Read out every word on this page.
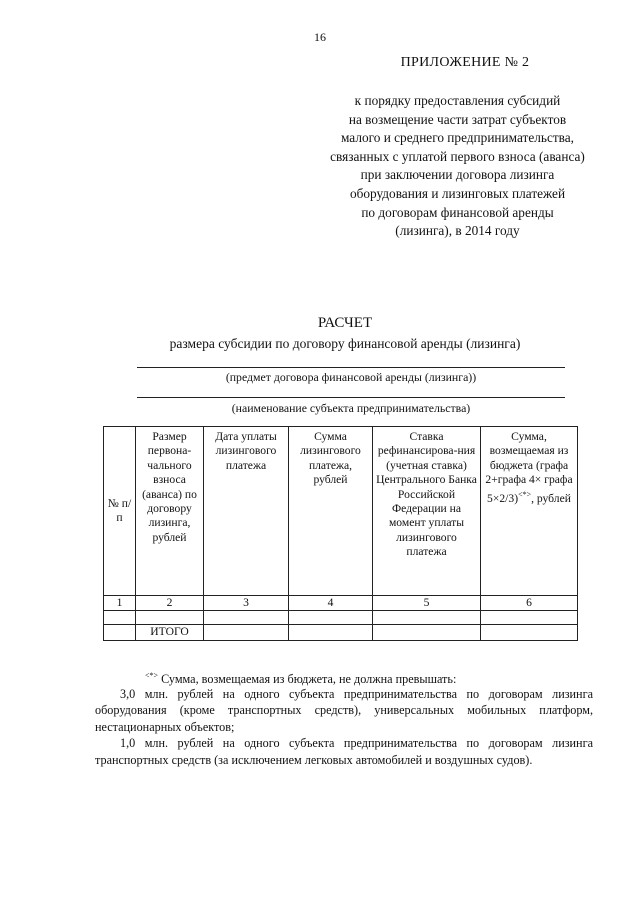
16
ПРИЛОЖЕНИЕ № 2
к порядку предоставления субсидий
на возмещение части затрат субъектов
малого и среднего предпринимательства,
связанных с уплатой первого взноса (аванса)
при заключении договора лизинга
оборудования и лизинговых платежей
по договорам финансовой аренды
(лизинга), в 2014 году
РАСЧЕТ
размера субсидии по договору финансовой аренды (лизинга)
(предмет договора финансовой аренды (лизинга))
(наименование субъекта предпринимательства)
№ п/п	Размер первона-чального взноса (аванса) по договору лизинга, рублей	Дата уплаты лизингового платежа	Сумма лизингового платежа, рублей	Ставка рефинансирова-ния (учетная ставка) Центрального Банка Российской Федерации на момент уплаты лизингового платежа	Сумма, возмещаемая из бюджета (графа 2+графа 4× графа 5×2/3)<*>, рублей
1	2	3	4	5	6

	ИТОГО				

<*> Сумма, возмещаемая из бюджета, не должна превышать:

3,0 млн. рублей на одного субъекта предпринимательства по договорам лизинга оборудования (кроме транспортных средств), универсальных мобильных платформ, нестационарных объектов;

1,0 млн. рублей на одного субъекта предпринимательства по договорам лизинга транспортных средств (за исключением легковых автомобилей и воздушных судов).
